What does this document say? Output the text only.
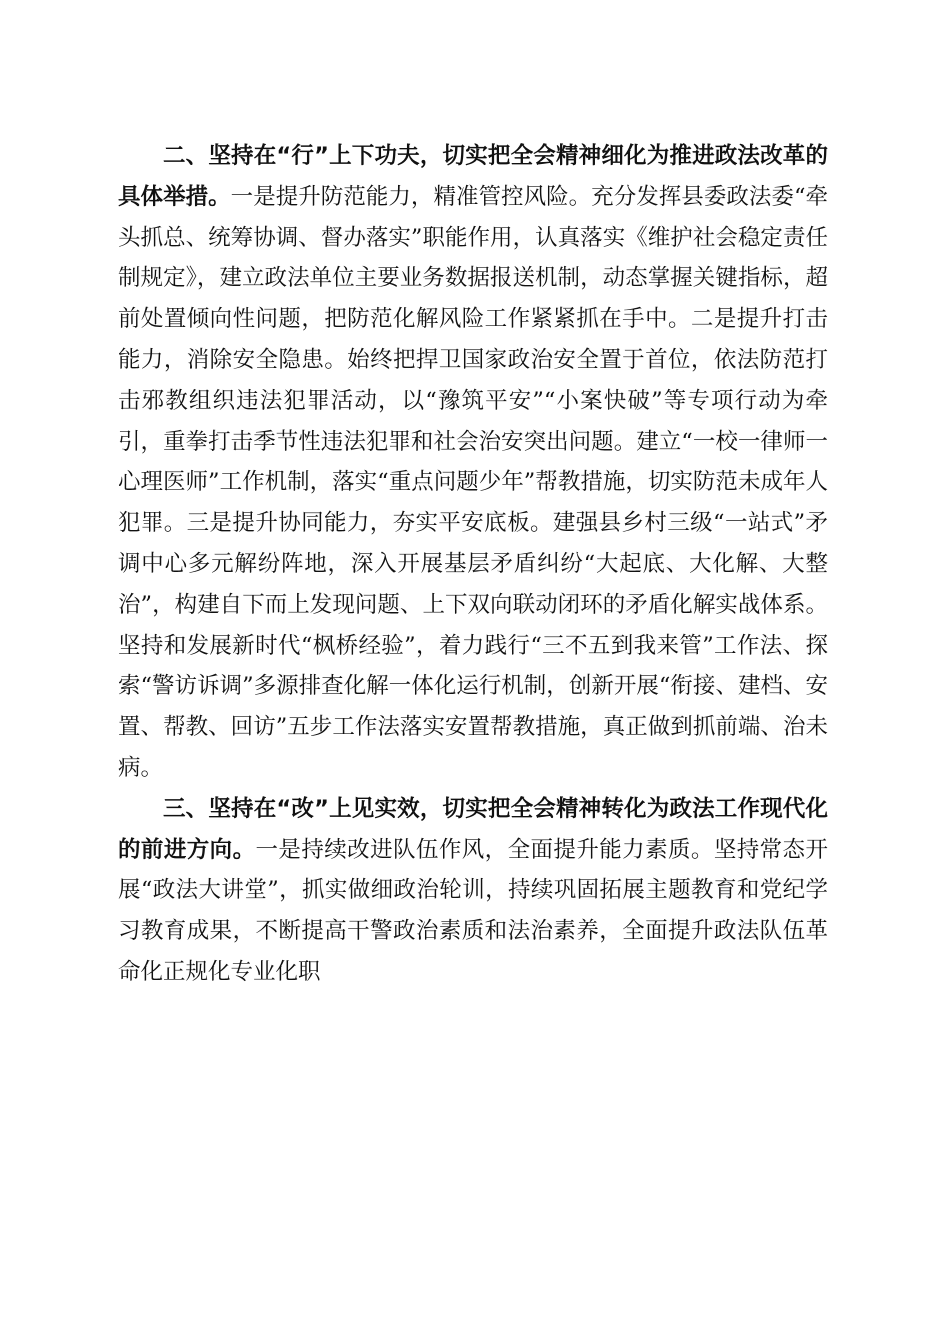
二、坚持在“行”上下功夫，切实把全会精神细化为推进政法改革的具体举措。一是提升防范能力，精准管控风险。充分发挥县委政法委“牵头抓总、统筹协调、督办落实”职能作用，认真落实《维护社会稳定责任制规定》，建立政法单位主要业务数据报送机制，动态掌握关键指标，超前处置倾向性问题，把防范化解风险工作紧紧抓在手中。二是提升打击能力，消除安全隐患。始终把捍卫国家政治安全置于首位，依法防范打击邪教组织违法犯罪活动，以“豫筑平安”“小案快破”等专项行动为牵引，重拳打击季节性违法犯罪和社会治安突出问题。建立“一校一律师一心理医师”工作机制，落实“重点问题少年”帮教措施，切实防范未成年人犯罪。三是提升协同能力，夯实平安底板。建强县乡村三级“一站式”矛调中心多元解纷阵地，深入开展基层矛盾纠纷“大起底、大化解、大整治”，构建自下而上发现问题、上下双向联动闭环的矛盾化解实战体系。坚持和发展新时代“枫桥经验”，着力践行“三不五到我来管”工作法、探索“警访诉调”多源排查化解一体化运行机制，创新开展“衔接、建档、安置、帮教、回访”五步工作法落实安置帮教措施，真正做到抓前端、治未病。

三、坚持在“改”上见实效，切实把全会精神转化为政法工作现代化的前进方向。一是持续改进队伍作风，全面提升能力素质。坚持常态开展“政法大讲堂”，抓实做细政治轮训，持续巩固拓展主题教育和党纪学习教育成果，不断提高干警政治素质和法治素养，全面提升政法队伍革命化正规化专业化职
